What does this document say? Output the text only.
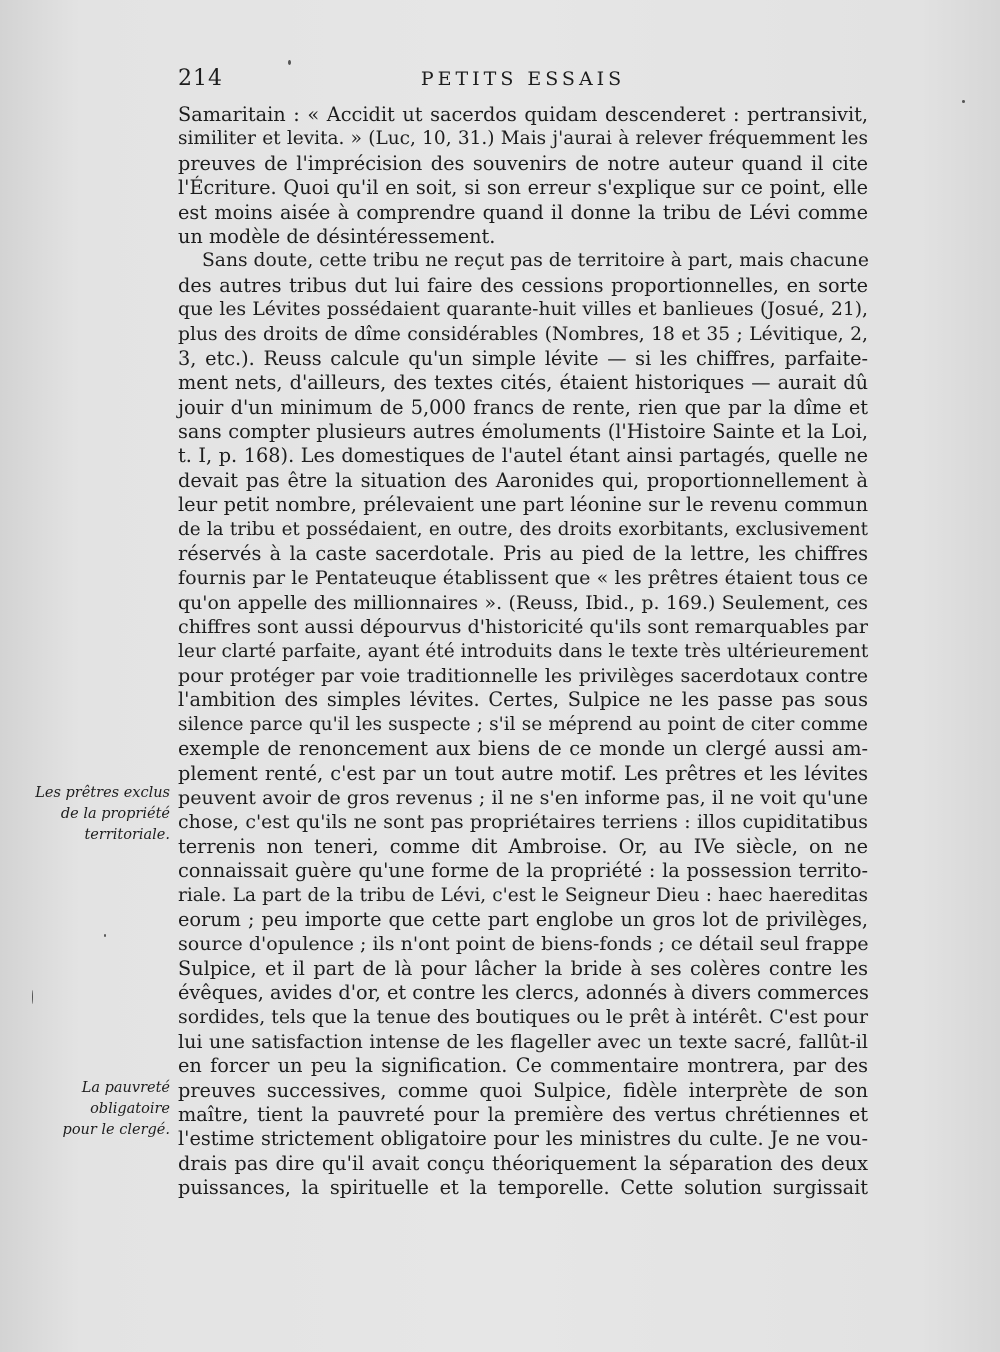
214	PETITS ESSAIS
Samaritain : « Accidit ut sacerdos quidam descenderet : pertransivit,
similiter et levita. » (Luc, 10, 31.) Mais j'aurai à relever fréquemment les
preuves de l'imprécision des souvenirs de notre auteur quand il cite
l'Écriture. Quoi qu'il en soit, si son erreur s'explique sur ce point, elle
est moins aisée à comprendre quand il donne la tribu de Lévi comme
un modèle de désintéressement.
Sans doute, cette tribu ne reçut pas de territoire à part, mais chacune
des autres tribus dut lui faire des cessions proportionnelles, en sorte
que les Lévites possédaient quarante-huit villes et banlieues (Josué, 21),
plus des droits de dîme considérables (Nombres, 18 et 35 ; Lévitique, 2,
3, etc.). Reuss calcule qu'un simple lévite — si les chiffres, parfaite-
ment nets, d'ailleurs, des textes cités, étaient historiques — aurait dû
jouir d'un minimum de 5,000 francs de rente, rien que par la dîme et
sans compter plusieurs autres émoluments (l'Histoire Sainte et la Loi,
t. I, p. 168). Les domestiques de l'autel étant ainsi partagés, quelle ne
devait pas être la situation des Aaronides qui, proportionnellement à
leur petit nombre, prélevaient une part léonine sur le revenu commun
de la tribu et possédaient, en outre, des droits exorbitants, exclusivement
réservés à la caste sacerdotale. Pris au pied de la lettre, les chiffres
fournis par le Pentateuque établissent que « les prêtres étaient tous ce
qu'on appelle des millionnaires ». (Reuss, Ibid., p. 169.) Seulement, ces
chiffres sont aussi dépourvus d'historicité qu'ils sont remarquables par
leur clarté parfaite, ayant été introduits dans le texte très ultérieurement
pour protéger par voie traditionnelle les privilèges sacerdotaux contre
l'ambition des simples lévites. Certes, Sulpice ne les passe pas sous
silence parce qu'il les suspecte ; s'il se méprend au point de citer comme
exemple de renoncement aux biens de ce monde un clergé aussi am-
plement renté, c'est par un tout autre motif. Les prêtres et les lévites
peuvent avoir de gros revenus ; il ne s'en informe pas, il ne voit qu'une
chose, c'est qu'ils ne sont pas propriétaires terriens : illos cupiditatibus
terrenis non teneri, comme dit Ambroise. Or, au IVe siècle, on ne
connaissait guère qu'une forme de la propriété : la possession territo-
riale. La part de la tribu de Lévi, c'est le Seigneur Dieu : haec haereditas
eorum ; peu importe que cette part englobe un gros lot de privilèges,
source d'opulence ; ils n'ont point de biens-fonds ; ce détail seul frappe
Sulpice, et il part de là pour lâcher la bride à ses colères contre les
évêques, avides d'or, et contre les clercs, adonnés à divers commerces
sordides, tels que la tenue des boutiques ou le prêt à intérêt. C'est pour
lui une satisfaction intense de les flageller avec un texte sacré, fallût-il
en forcer un peu la signification. Ce commentaire montrera, par des
preuves successives, comme quoi Sulpice, fidèle interprète de son
maître, tient la pauvreté pour la première des vertus chrétiennes et
l'estime strictement obligatoire pour les ministres du culte. Je ne vou-
drais pas dire qu'il avait conçu théoriquement la séparation des deux
puissances, la spirituelle et la temporelle. Cette solution surgissait
Les prêtres exclus
de la propriété
territoriale.
La pauvreté
obligatoire
pour le clergé.
